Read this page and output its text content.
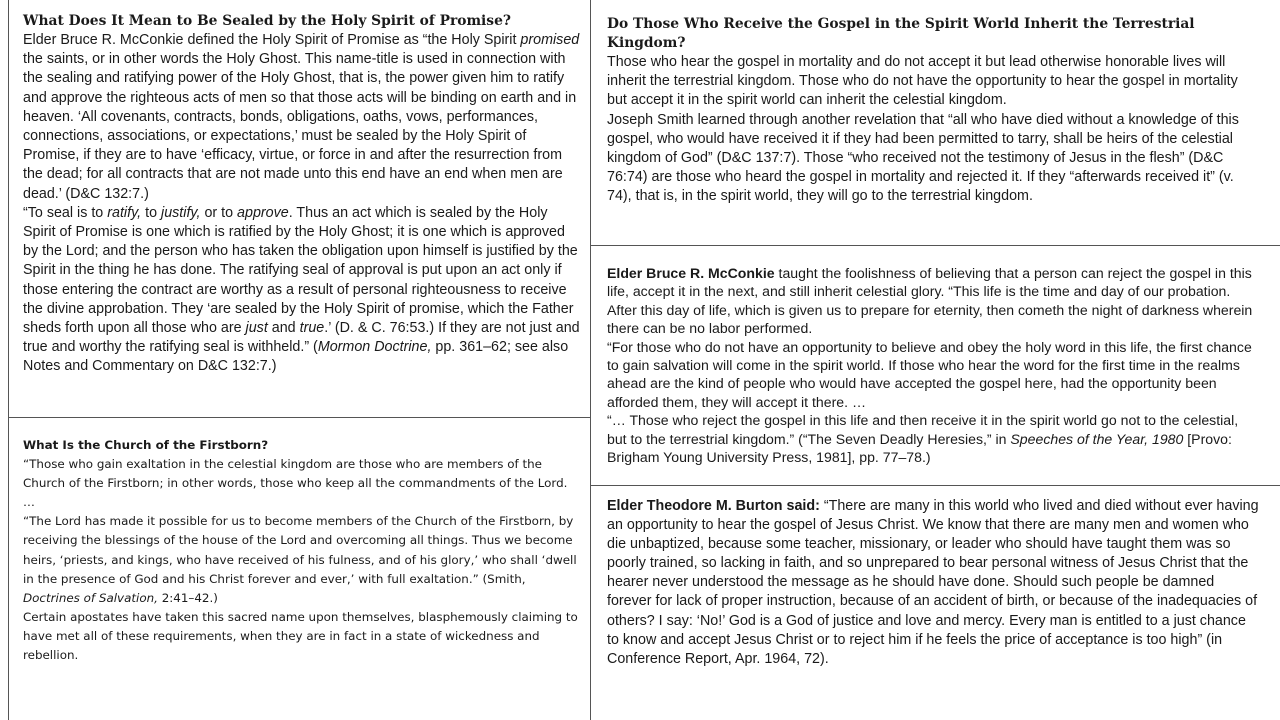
What Does It Mean to Be Sealed by the Holy Spirit of Promise?

Elder Bruce R. McConkie defined the Holy Spirit of Promise as “the Holy Spirit promised the saints, or in other words the Holy Ghost. This name-title is used in connection with the sealing and ratifying power of the Holy Ghost, that is, the power given him to ratify and approve the righteous acts of men so that those acts will be binding on earth and in heaven. ‘All covenants, contracts, bonds, obligations, oaths, vows, performances, connections, associations, or expectations,’ must be sealed by the Holy Spirit of Promise, if they are to have ‘efficacy, virtue, or force in and after the resurrection from the dead; for all contracts that are not made unto this end have an end when men are dead.’ (D&C 132:7.)

“To seal is to ratify, to justify, or to approve. Thus an act which is sealed by the Holy Spirit of Promise is one which is ratified by the Holy Ghost; it is one which is approved by the Lord; and the person who has taken the obligation upon himself is justified by the Spirit in the thing he has done. The ratifying seal of approval is put upon an act only if those entering the contract are worthy as a result of personal righteousness to receive the divine approbation. They ‘are sealed by the Holy Spirit of promise, which the Father sheds forth upon all those who are just and true.’ (D. & C. 76:53.) If they are not just and true and worthy the ratifying seal is withheld.” (Mormon Doctrine, pp. 361–62; see also Notes and Commentary on D&C 132:7.)

What Is the Church of the Firstborn?

“Those who gain exaltation in the celestial kingdom are those who are members of the Church of the Firstborn; in other words, those who keep all the commandments of the Lord. …

“The Lord has made it possible for us to become members of the Church of the Firstborn, by receiving the blessings of the house of the Lord and overcoming all things. Thus we become heirs, ‘priests, and kings, who have received of his fulness, and of his glory,’ who shall ‘dwell in the presence of God and his Christ forever and ever,’ with full exaltation.” (Smith, Doctrines of Salvation, 2:41–42.)

Certain apostates have taken this sacred name upon themselves, blasphemously claiming to have met all of these requirements, when they are in fact in a state of wickedness and rebellion.

Do Those Who Receive the Gospel in the Spirit World Inherit the Terrestrial Kingdom?

Those who hear the gospel in mortality and do not accept it but lead otherwise honorable lives will inherit the terrestrial kingdom. Those who do not have the opportunity to hear the gospel in mortality but accept it in the spirit world can inherit the celestial kingdom.

Joseph Smith learned through another revelation that “all who have died without a knowledge of this gospel, who would have received it if they had been permitted to tarry, shall be heirs of the celestial kingdom of God” (D&C 137:7). Those “who received not the testimony of Jesus in the flesh” (D&C 76:74) are those who heard the gospel in mortality and rejected it. If they “afterwards received it” (v. 74), that is, in the spirit world, they will go to the terrestrial kingdom.

Elder Bruce R. McConkie taught the foolishness of believing that a person can reject the gospel in this life, accept it in the next, and still inherit celestial glory. “This life is the time and day of our probation. After this day of life, which is given us to prepare for eternity, then cometh the night of darkness wherein there can be no labor performed.

“For those who do not have an opportunity to believe and obey the holy word in this life, the first chance to gain salvation will come in the spirit world. If those who hear the word for the first time in the realms ahead are the kind of people who would have accepted the gospel here, had the opportunity been afforded them, they will accept it there. …

“… Those who reject the gospel in this life and then receive it in the spirit world go not to the celestial, but to the terrestrial kingdom.” (“The Seven Deadly Heresies,” in Speeches of the Year, 1980 [Provo: Brigham Young University Press, 1981], pp. 77–78.)

Elder Theodore M. Burton said: “There are many in this world who lived and died without ever having an opportunity to hear the gospel of Jesus Christ. We know that there are many men and women who die unbaptized, because some teacher, missionary, or leader who should have taught them was so poorly trained, so lacking in faith, and so unprepared to bear personal witness of Jesus Christ that the hearer never understood the message as he should have done. Should such people be damned forever for lack of proper instruction, because of an accident of birth, or because of the inadequacies of others? I say: ‘No!’ God is a God of justice and love and mercy. Every man is entitled to a just chance to know and accept Jesus Christ or to reject him if he feels the price of acceptance is too high” (in Conference Report, Apr. 1964, 72).
